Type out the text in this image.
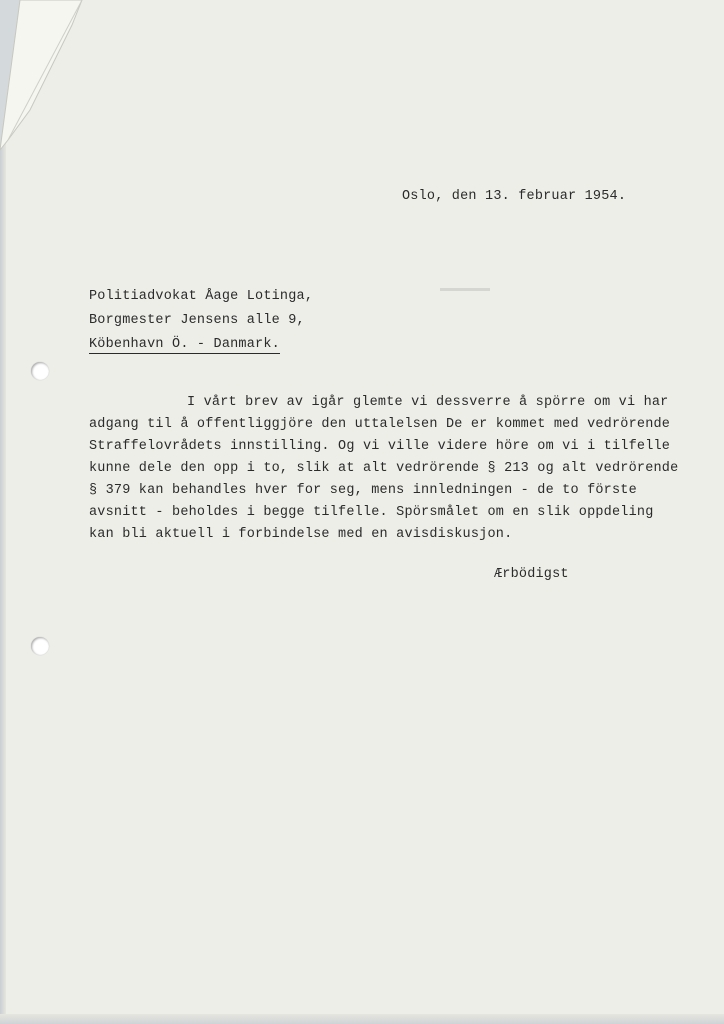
Oslo, den 13. februar 1954.
Politiadvokat Åage Lotinga,
Borgmester Jensens alle 9,
Köbenhavn Ö. - Danmark.
I vårt brev av igår glemte vi dessverre å spörre om vi har
adgang til å offentliggjöre den uttalelsen De er kommet med vedrörende
Straffelovrådets innstilling. Og vi ville videre höre om vi i tilfelle
kunne dele den opp i to, slik at alt vedrörende § 213 og alt vedrörende
§ 379 kan behandles hver for seg, mens innledningen - de to förste
avsnitt - beholdes i begge tilfelle. Spörsmålet om en slik oppdeling
kan bli aktuell i forbindelse med en avisdiskusjon.
Ærbödigst
